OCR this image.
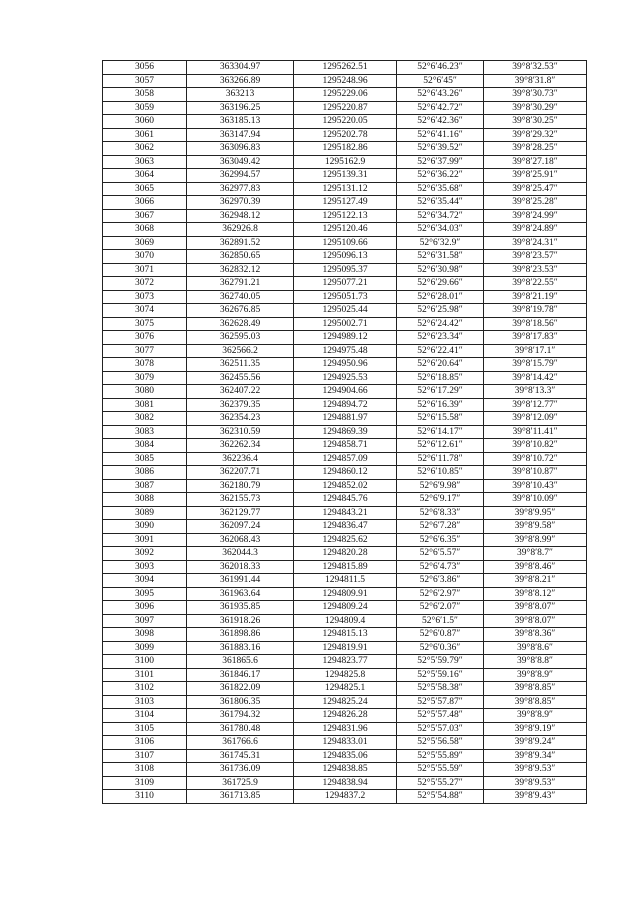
3056	363304.97	1295262.51	52°6′46.23″	39°8′32.53″
3057	363266.89	1295248.96	52°6′45″	39°8′31.8″
3058	363213	1295229.06	52°6′43.26″	39°8′30.73″
3059	363196.25	1295220.87	52°6′42.72″	39°8′30.29″
3060	363185.13	1295220.05	52°6′42.36″	39°8′30.25″
3061	363147.94	1295202.78	52°6′41.16″	39°8′29.32″
3062	363096.83	1295182.86	52°6′39.52″	39°8′28.25″
3063	363049.42	1295162.9	52°6′37.99″	39°8′27.18″
3064	362994.57	1295139.31	52°6′36.22″	39°8′25.91″
3065	362977.83	1295131.12	52°6′35.68″	39°8′25.47″
3066	362970.39	1295127.49	52°6′35.44″	39°8′25.28″
3067	362948.12	1295122.13	52°6′34.72″	39°8′24.99″
3068	362926.8	1295120.46	52°6′34.03″	39°8′24.89″
3069	362891.52	1295109.66	52°6′32.9″	39°8′24.31″
3070	362850.65	1295096.13	52°6′31.58″	39°8′23.57″
3071	362832.12	1295095.37	52°6′30.98″	39°8′23.53″
3072	362791.21	1295077.21	52°6′29.66″	39°8′22.55″
3073	362740.05	1295051.73	52°6′28.01″	39°8′21.19″
3074	362676.85	1295025.44	52°6′25.98″	39°8′19.78″
3075	362628.49	1295002.71	52°6′24.42″	39°8′18.56″
3076	362595.03	1294989.12	52°6′23.34″	39°8′17.83″
3077	362566.2	1294975.48	52°6′22.41″	39°8′17.1″
3078	362511.35	1294950.96	52°6′20.64″	39°8′15.79″
3079	362455.56	1294925.53	52°6′18.85″	39°8′14.42″
3080	362407.22	1294904.66	52°6′17.29″	39°8′13.3″
3081	362379.35	1294894.72	52°6′16.39″	39°8′12.77″
3082	362354.23	1294881.97	52°6′15.58″	39°8′12.09″
3083	362310.59	1294869.39	52°6′14.17″	39°8′11.41″
3084	362262.34	1294858.71	52°6′12.61″	39°8′10.82″
3085	362236.4	1294857.09	52°6′11.78″	39°8′10.72″
3086	362207.71	1294860.12	52°6′10.85″	39°8′10.87″
3087	362180.79	1294852.02	52°6′9.98″	39°8′10.43″
3088	362155.73	1294845.76	52°6′9.17″	39°8′10.09″
3089	362129.77	1294843.21	52°6′8.33″	39°8′9.95″
3090	362097.24	1294836.47	52°6′7.28″	39°8′9.58″
3091	362068.43	1294825.62	52°6′6.35″	39°8′8.99″
3092	362044.3	1294820.28	52°6′5.57″	39°8′8.7″
3093	362018.33	1294815.89	52°6′4.73″	39°8′8.46″
3094	361991.44	1294811.5	52°6′3.86″	39°8′8.21″
3095	361963.64	1294809.91	52°6′2.97″	39°8′8.12″
3096	361935.85	1294809.24	52°6′2.07″	39°8′8.07″
3097	361918.26	1294809.4	52°6′1.5″	39°8′8.07″
3098	361898.86	1294815.13	52°6′0.87″	39°8′8.36″
3099	361883.16	1294819.91	52°6′0.36″	39°8′8.6″
3100	361865.6	1294823.77	52°5′59.79″	39°8′8.8″
3101	361846.17	1294825.8	52°5′59.16″	39°8′8.9″
3102	361822.09	1294825.1	52°5′58.38″	39°8′8.85″
3103	361806.35	1294825.24	52°5′57.87″	39°8′8.85″
3104	361794.32	1294826.28	52°5′57.48″	39°8′8.9″
3105	361780.48	1294831.96	52°5′57.03″	39°8′9.19″
3106	361766.6	1294833.01	52°5′56.58″	39°8′9.24″
3107	361745.31	1294835.06	52°5′55.89″	39°8′9.34″
3108	361736.09	1294838.85	52°5′55.59″	39°8′9.53″
3109	361725.9	1294838.94	52°5′55.27″	39°8′9.53″
3110	361713.85	1294837.2	52°5′54.88″	39°8′9.43″
